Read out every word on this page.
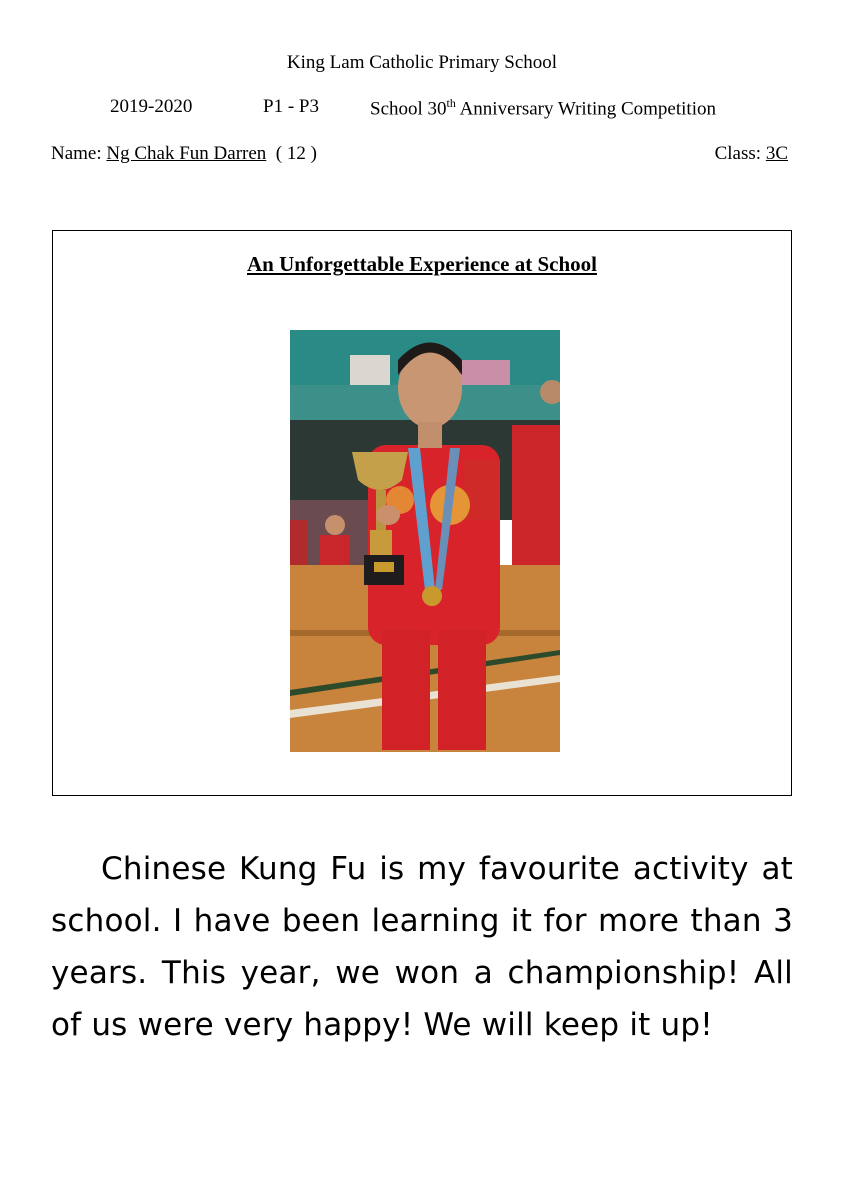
King Lam Catholic Primary School
2019-2020	P1 - P3	School 30th Anniversary Writing Competition
Name: Ng Chak Fun Darren ( 12 )	Class: 3C
An Unforgettable Experience at School
Chinese Kung Fu is my favourite activity at school. I have been learning it for more than 3 years. This year, we won a championship! All of us were very happy! We will keep it up!
